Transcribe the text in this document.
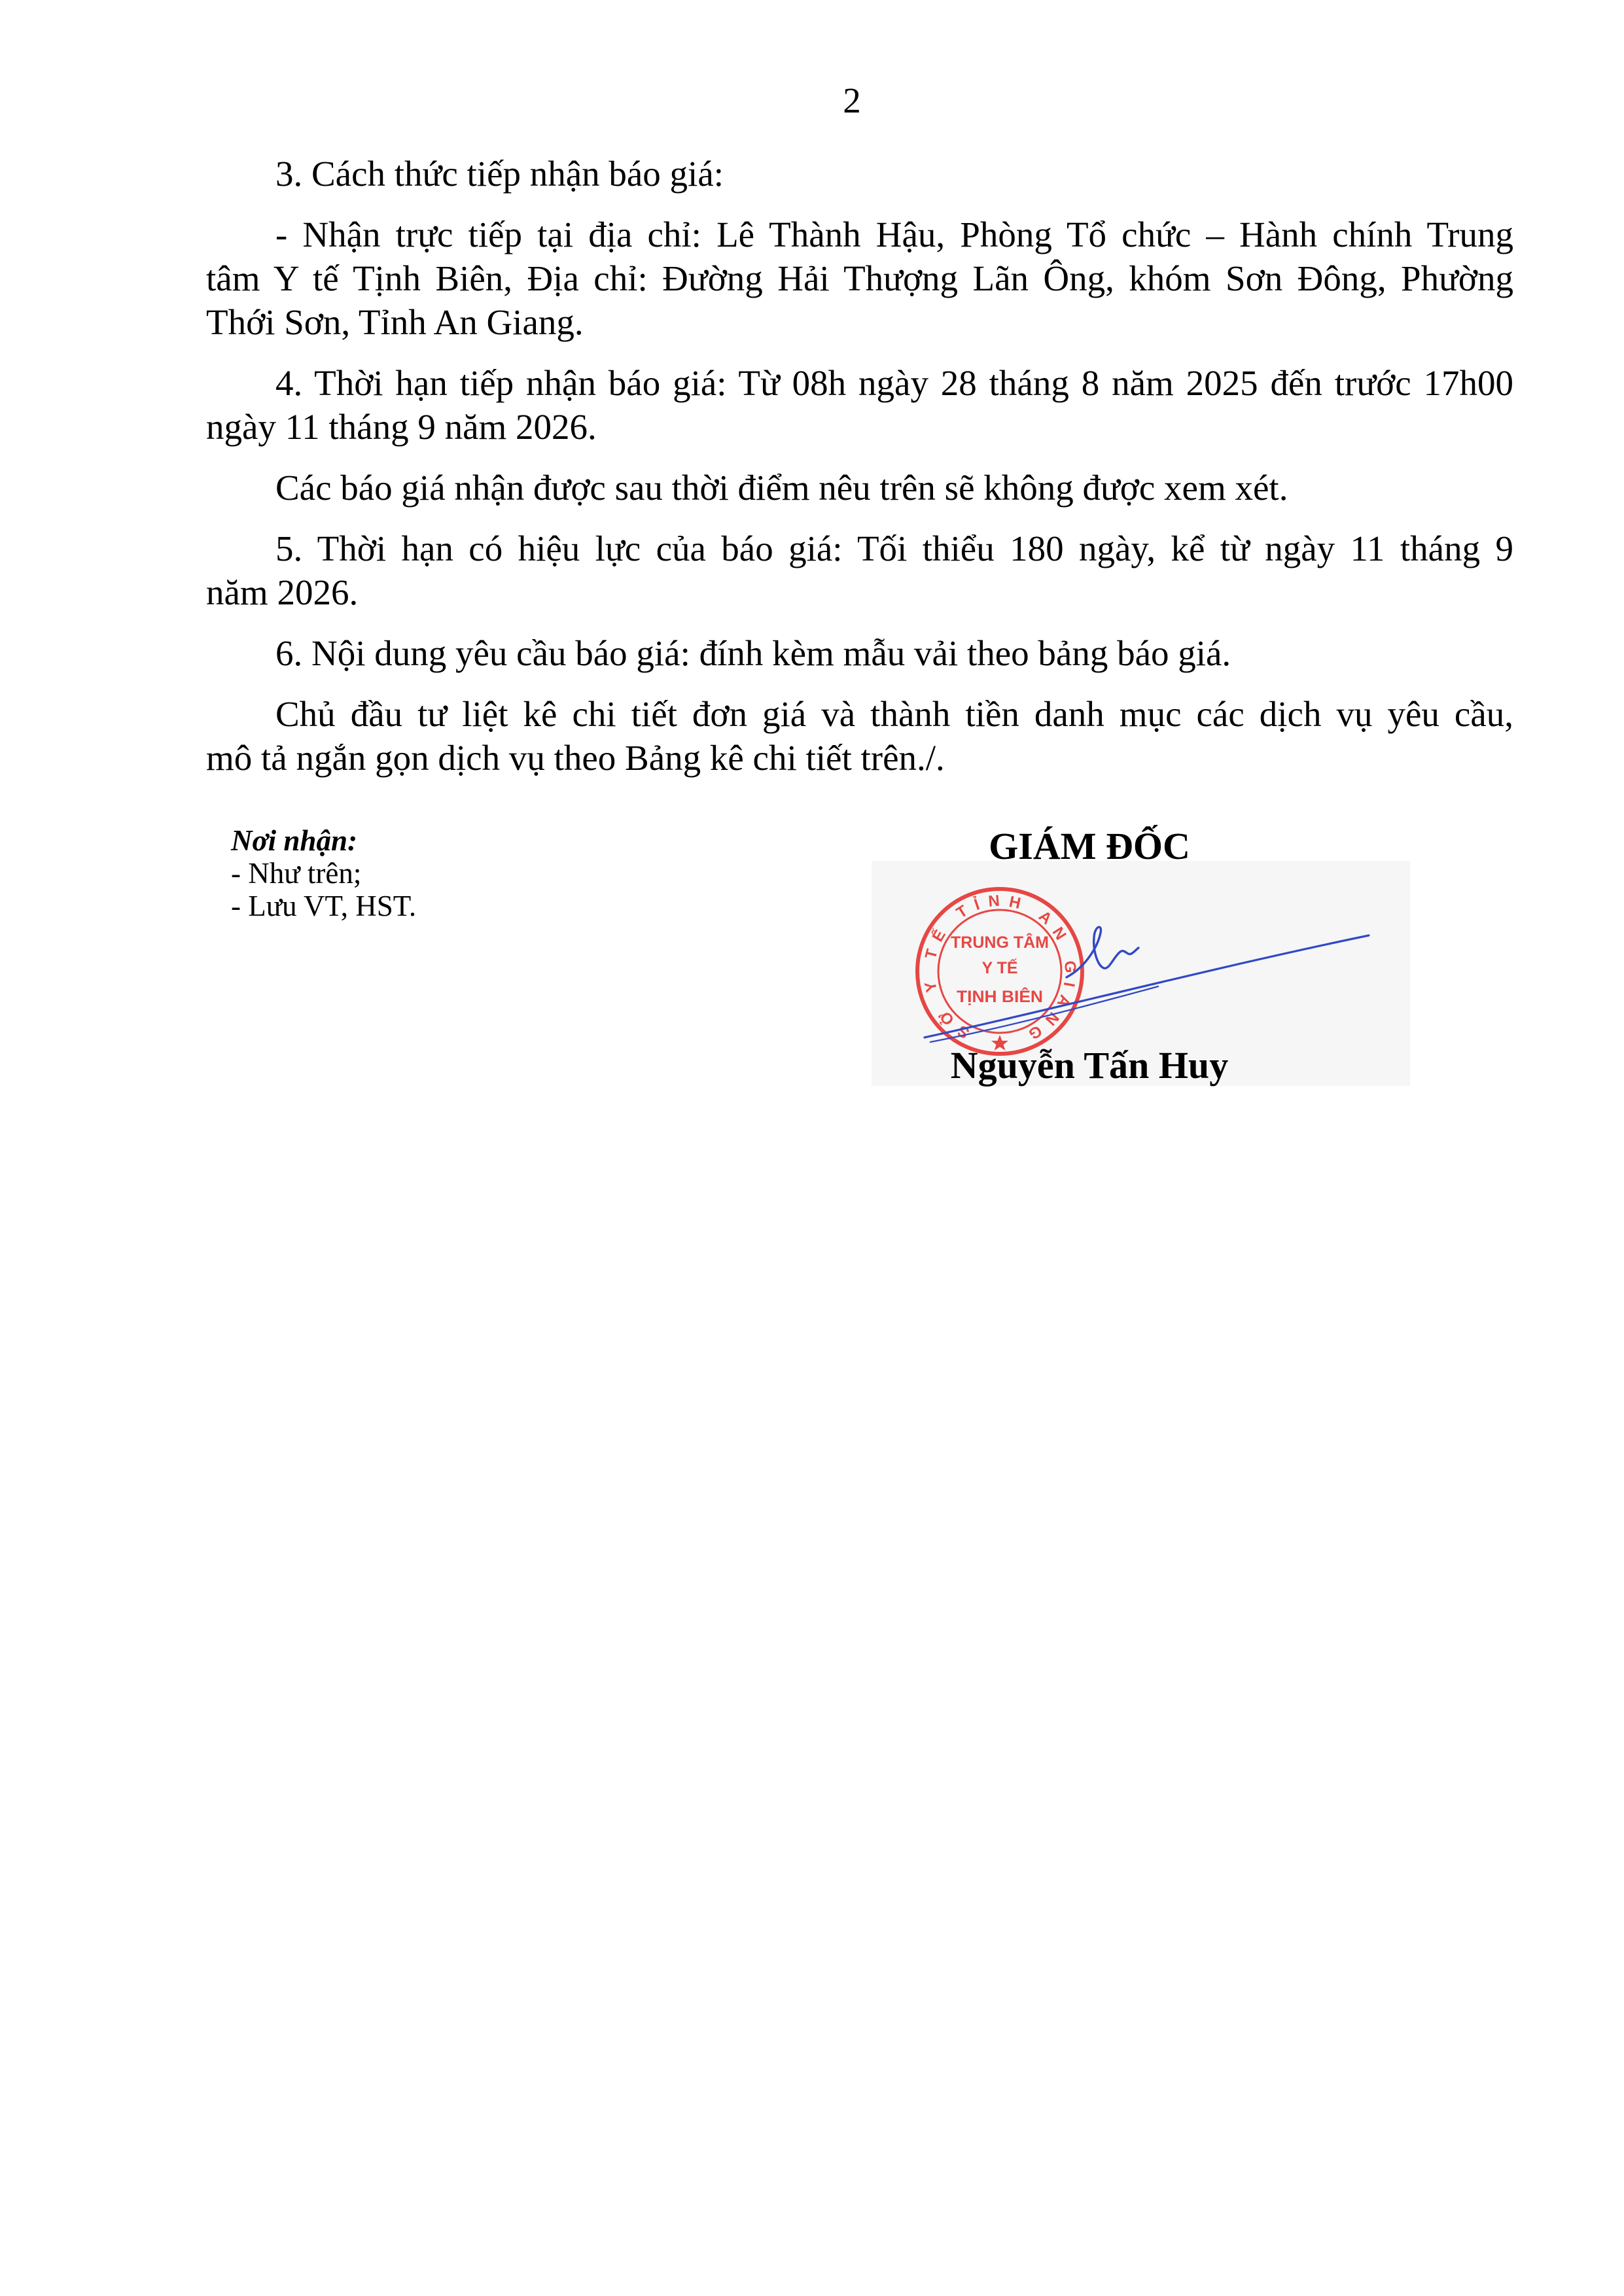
2
3. Cách thức tiếp nhận báo giá:
- Nhận trực tiếp tại địa chỉ: Lê Thành Hậu, Phòng Tổ chức – Hành chính Trung
tâm Y tế Tịnh Biên, Địa chỉ: Đường Hải Thượng Lãn Ông, khóm Sơn Đông, Phường
Thới Sơn, Tỉnh An Giang.
4. Thời hạn tiếp nhận báo giá: Từ 08h ngày 28 tháng 8 năm 2025 đến trước 17h00
ngày 11 tháng 9 năm 2026.
Các báo giá nhận được sau thời điểm nêu trên sẽ không được xem xét.
5. Thời hạn có hiệu lực của báo giá: Tối thiểu 180 ngày, kể từ ngày 11 tháng 9
năm 2026.
6. Nội dung yêu cầu báo giá: đính kèm mẫu vải theo bảng báo giá.
Chủ đầu tư liệt kê chi tiết đơn giá và thành tiền danh mục các dịch vụ yêu cầu,
mô tả ngắn gọn dịch vụ theo Bảng kê chi tiết trên./.
Nơi nhận:
- Như trên;
- Lưu VT, HST.
GIÁM ĐỐC
Nguyễn Tấn Huy
SỞ Y TẾ TỈNH AN GIANG
TRUNG TÂM
Y TẾ
TỊNH BIÊN
